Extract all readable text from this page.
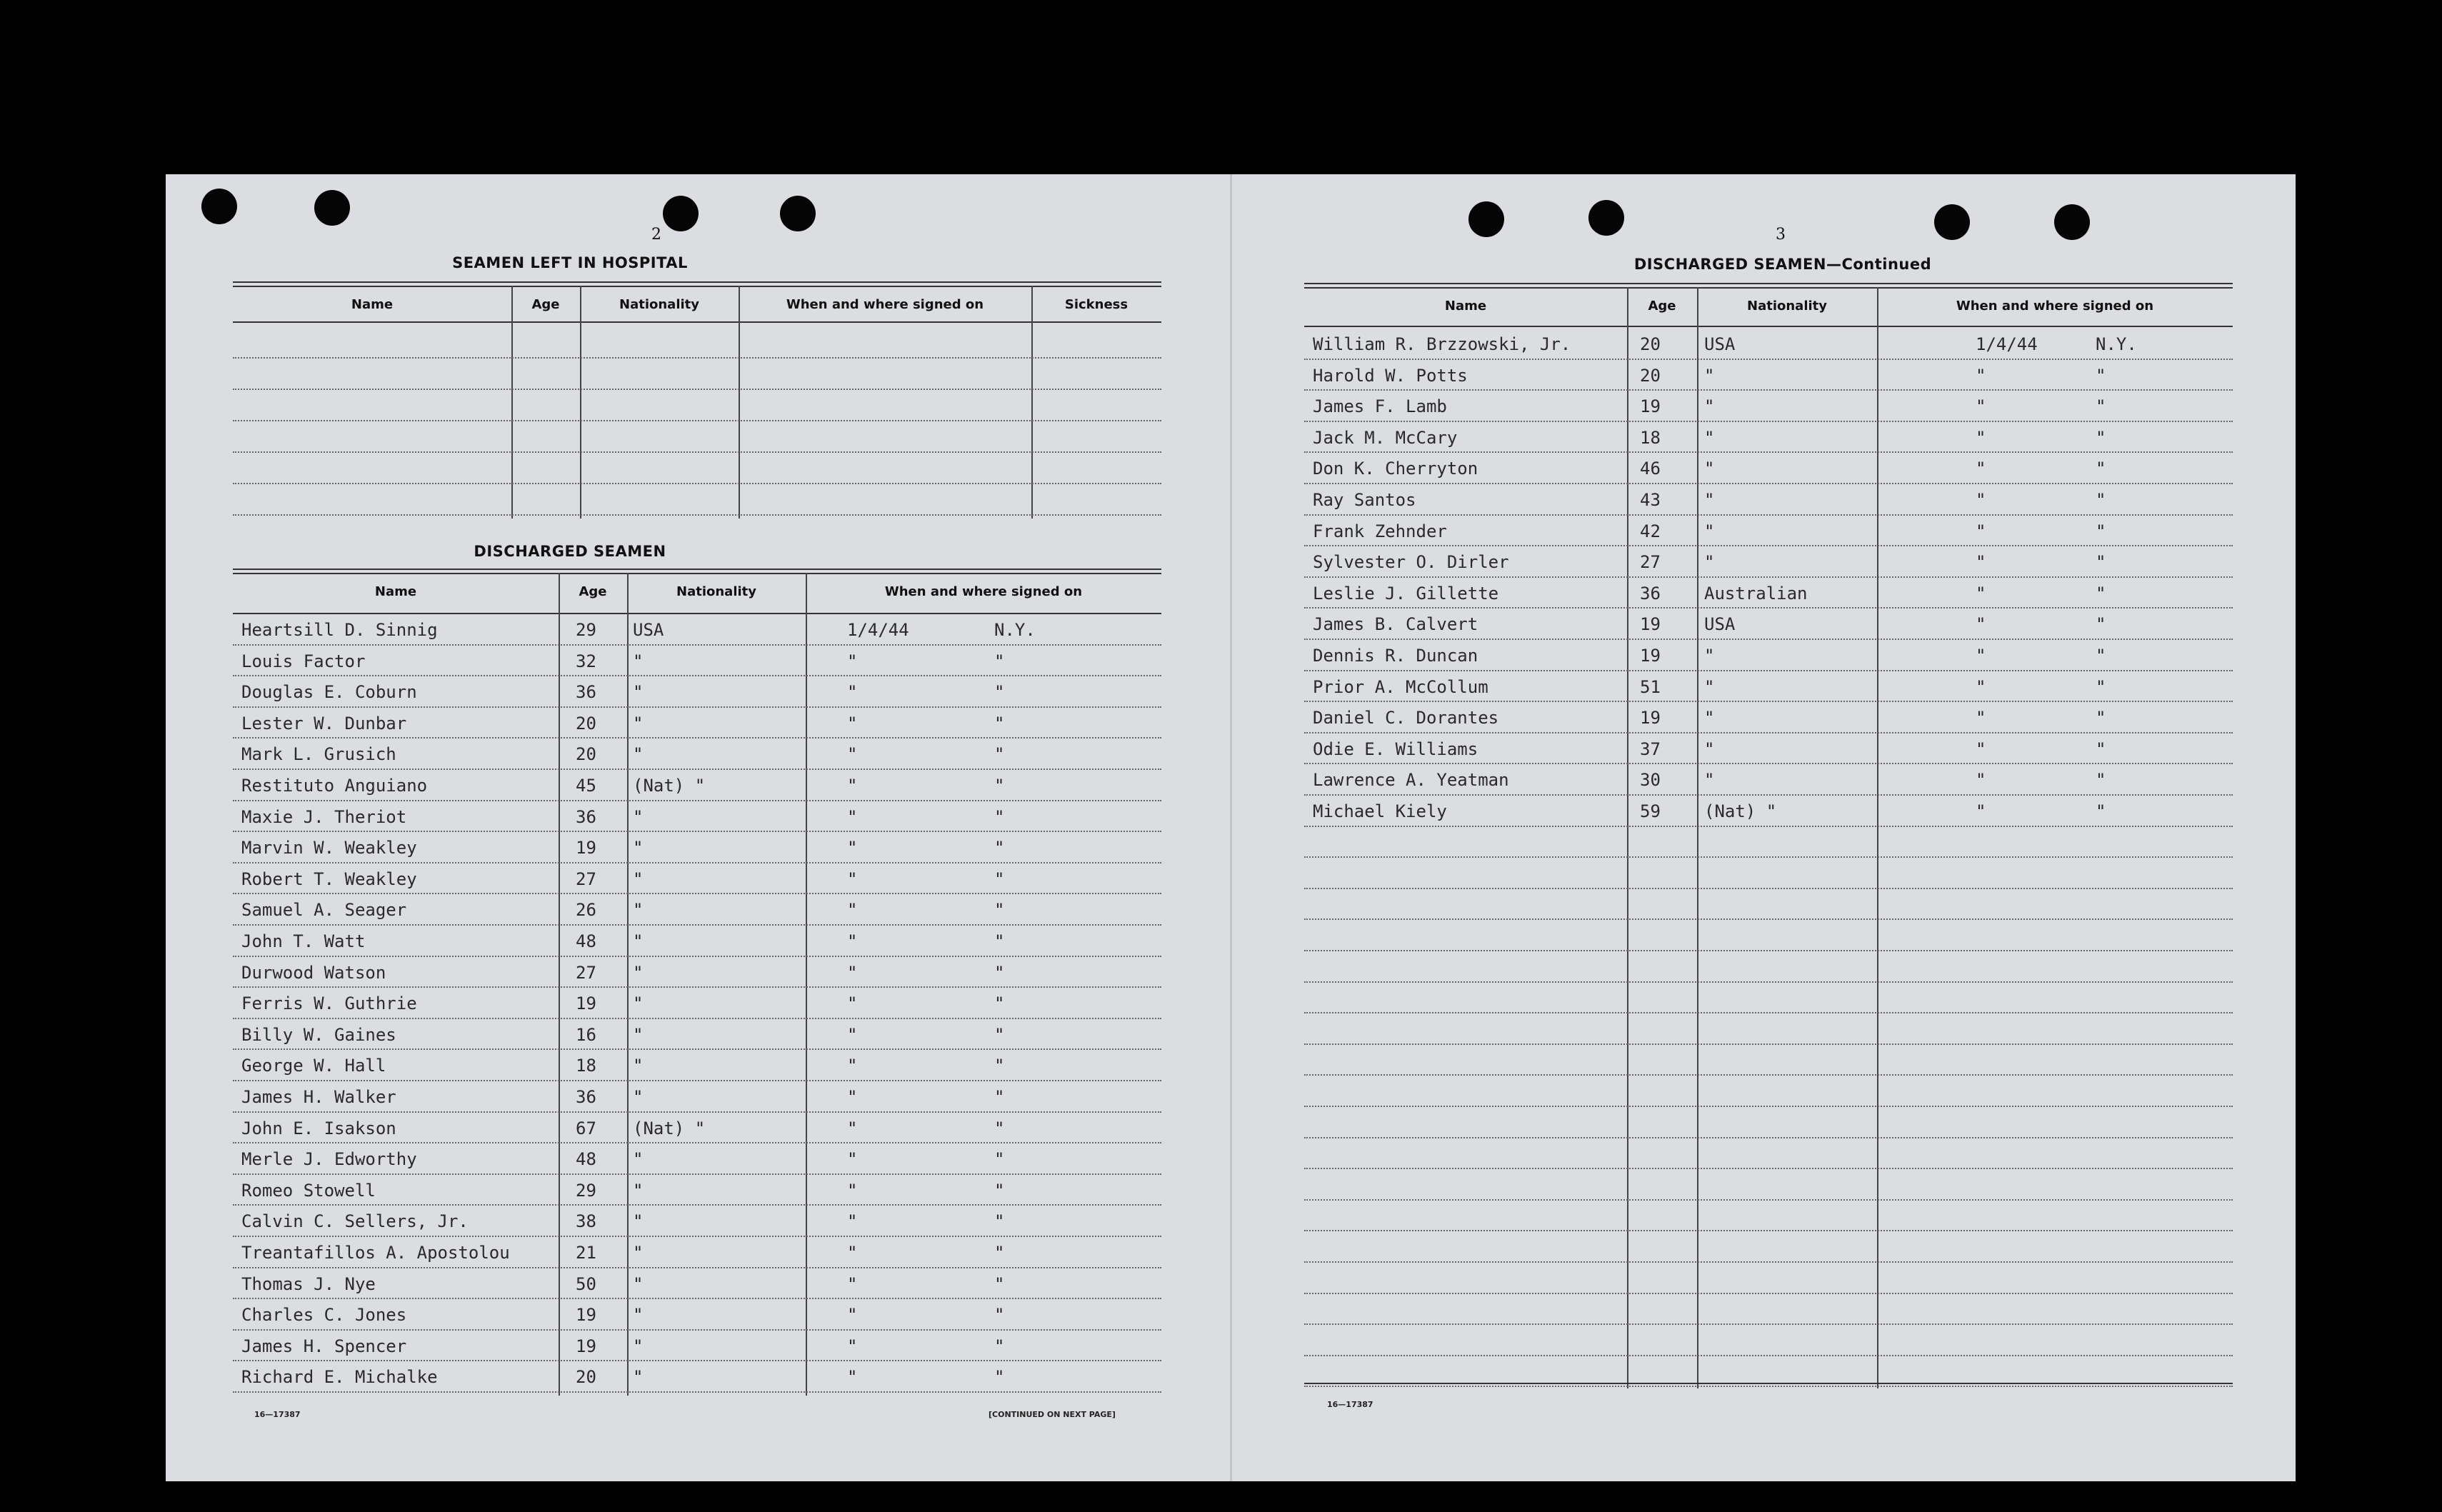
2
SEAMEN LEFT IN HOSPITAL
Name	Age	Nationality	When and where signed on	Sickness
DISCHARGED SEAMEN
Name	Age	Nationality	When and where signed on
Heartsill D. Sinnig	29 USA	1/4/44	N.Y.
Louis Factor	32 "	"	"
Douglas E. Coburn	36 "	"	"
Lester W. Dunbar	20 "	"	"
Mark L. Grusich	20 "	"	"
Restituto Anguiano	45 (Nat) "	"	"
Maxie J. Theriot	36 "	"	"
Marvin W. Weakley	19 "	"	"
Robert T. Weakley	27 "	"	"
Samuel A. Seager	26 "	"	"
John T. Watt	48 "	"	"
Durwood Watson	27 "	"	"
Ferris W. Guthrie	19 "	"	"
Billy W. Gaines	16 "	"	"
George W. Hall	18 "	"	"
James H. Walker	36 "	"	"
John E. Isakson	67 (Nat) "	"	"
Merle J. Edworthy	48 "	"	"
Romeo Stowell	29 "	"	"
Calvin C. Sellers, Jr.	38 "	"	"
Treantafillos A. Apostolou	21 "	"	"
Thomas J. Nye	50 "	"	"
Charles C. Jones	19 "	"	"
James H. Spencer	19 "	"	"
Richard E. Michalke	20 "	"	"
16—17387	[CONTINUED ON NEXT PAGE]
3
DISCHARGED SEAMEN—Continued
Name	Age	Nationality	When and where signed on
William R. Brzzowski, Jr.	20	USA	1/4/44	N.Y.
Harold W. Potts	20	"	"	"
James F. Lamb	19	"	"	"
Jack M. McCary	18	"	"	"
Don K. Cherryton	46	"	"	"
Ray Santos	43	"	"	"
Frank Zehnder	42	"	"	"
Sylvester O. Dirler	27	"	"	"
Leslie J. Gillette	36	Australian	"	"
James B. Calvert	19	USA	"	"
Dennis R. Duncan	19	"	"	"
Prior A. McCollum	51	"	"	"
Daniel C. Dorantes	19	"	"	"
Odie E. Williams	37	"	"	"
Lawrence A. Yeatman	30	"	"	"
Michael Kiely	59	(Nat) "	"	"
16—17387
